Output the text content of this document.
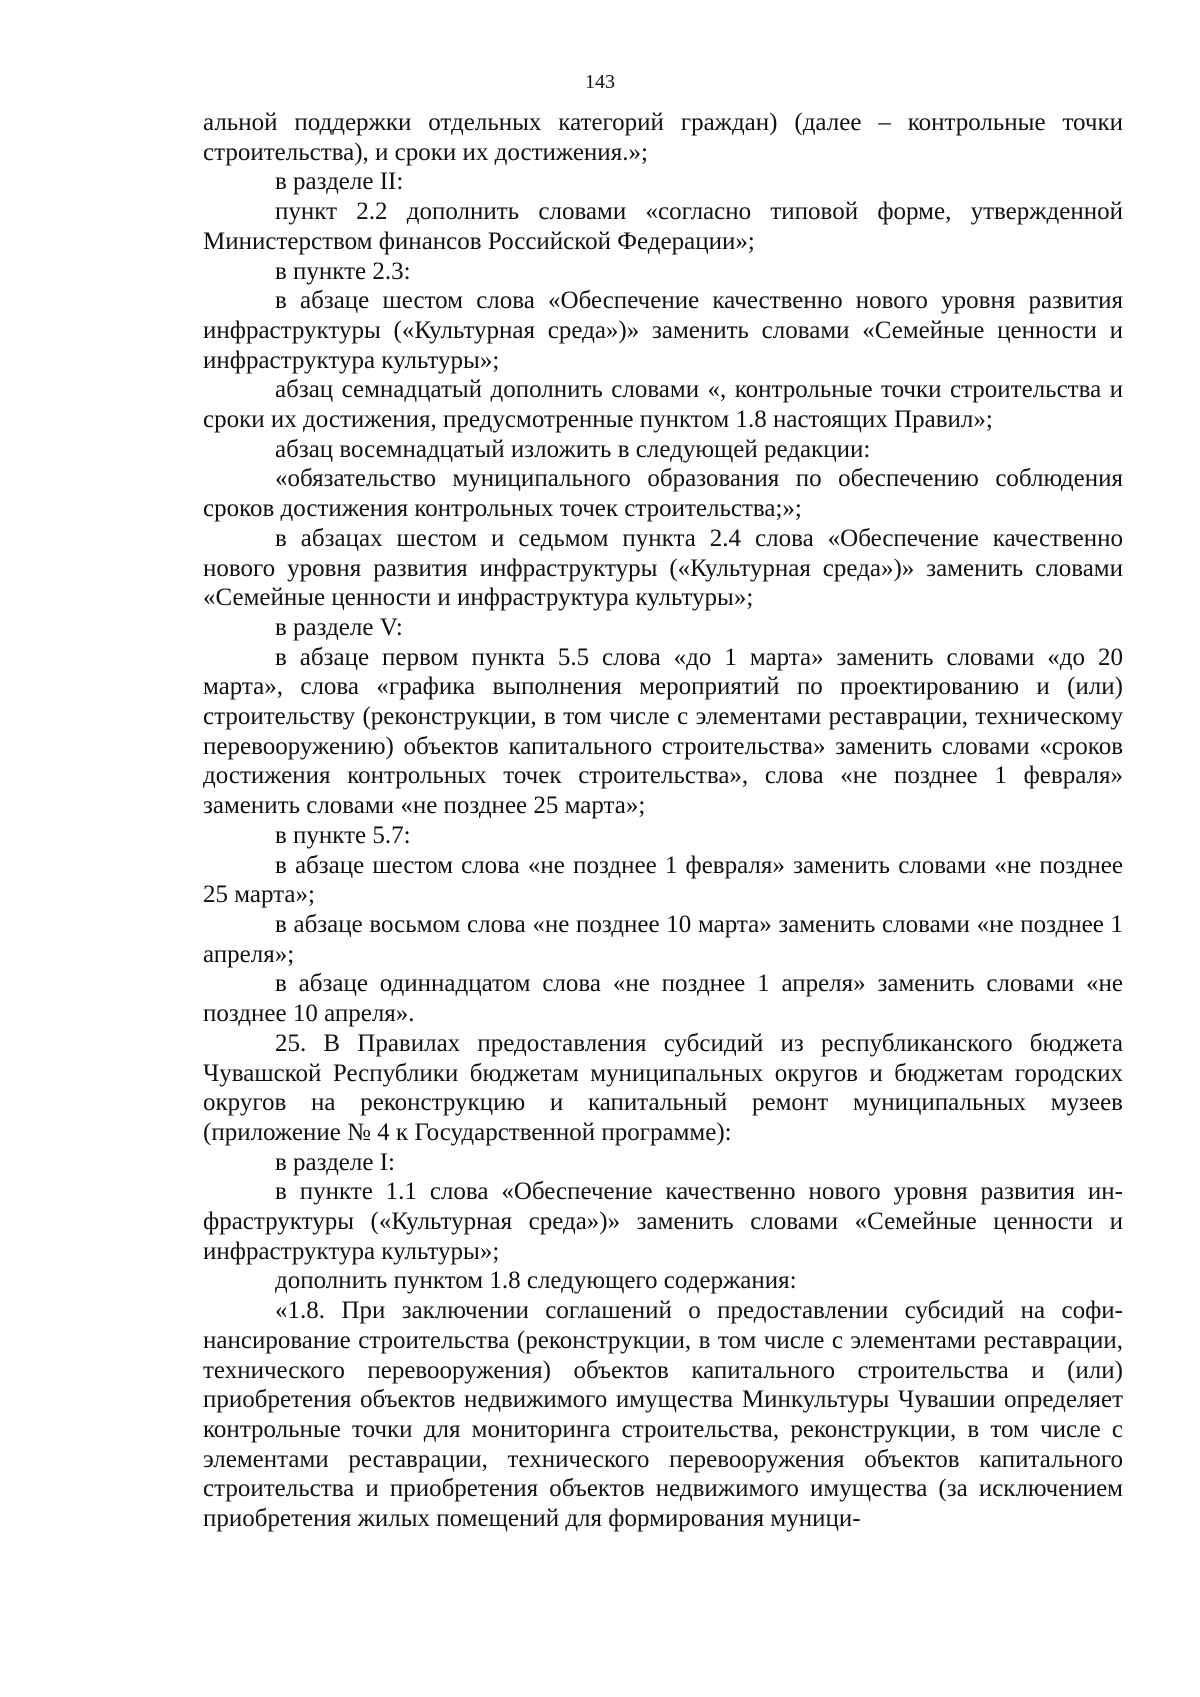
143

альной поддержки отдельных категорий граждан) (далее – контрольные точки строительства), и сроки их достижения.»;

в разделе II:

пункт 2.2 дополнить словами «согласно типовой форме, утвержденной Министерством финансов Российской Федерации»;

в пункте 2.3:

в абзаце шестом слова «Обеспечение качественно нового уровня развития инфраструктуры («Культурная среда»)» заменить словами «Семейные ценности и инфраструктура культуры»;

абзац семнадцатый дополнить словами «, контрольные точки строительства и сроки их достижения, предусмотренные пунктом 1.8 настоящих Правил»;

абзац восемнадцатый изложить в следующей редакции:

«обязательство муниципального образования по обеспечению соблюдения сроков достижения контрольных точек строительства;»;

в абзацах шестом и седьмом пункта 2.4 слова «Обеспечение качественно нового уровня развития инфраструктуры («Культурная среда»)» заменить словами «Семейные ценности и инфраструктура культуры»;

в разделе V:

в абзаце первом пункта 5.5 слова «до 1 марта» заменить словами «до 20 марта», слова «графика выполнения мероприятий по проектированию и (или) строительству (реконструкции, в том числе с элементами реставрации, техническому перевооружению) объектов капитального строительства» заменить словами «сроков достижения контрольных точек строительства», слова «не позднее 1 февраля» заменить словами «не позднее 25 марта»;

в пункте 5.7:

в абзаце шестом слова «не позднее 1 февраля» заменить словами «не позднее 25 марта»;

в абзаце восьмом слова «не позднее 10 марта» заменить словами «не позднее 1 апреля»;

в абзаце одиннадцатом слова «не позднее 1 апреля» заменить словами «не позднее 10 апреля».

25. В Правилах предоставления субсидий из республиканского бюджета Чувашской Республики бюджетам муниципальных округов и бюджетам городских округов на реконструкцию и капитальный ремонт муниципальных музеев (приложение № 4 к Государственной программе):

в разделе I:

в пункте 1.1 слова «Обеспечение качественно нового уровня развития инфраструктуры («Культурная среда»)» заменить словами «Семейные ценности и инфраструктура культуры»;

дополнить пунктом 1.8 следующего содержания:

«1.8. При заключении соглашений о предоставлении субсидий на софинансирование строительства (реконструкции, в том числе с элементами реставрации, технического перевооружения) объектов капитального строительства и (или) приобретения объектов недвижимого имущества Минкультуры Чувашии определяет контрольные точки для мониторинга строительства, реконструкции, в том числе с элементами реставрации, технического перевооружения объектов капитального строительства и приобретения объектов недвижимого имущества (за исключением приобретения жилых помещений для формирования муници-
